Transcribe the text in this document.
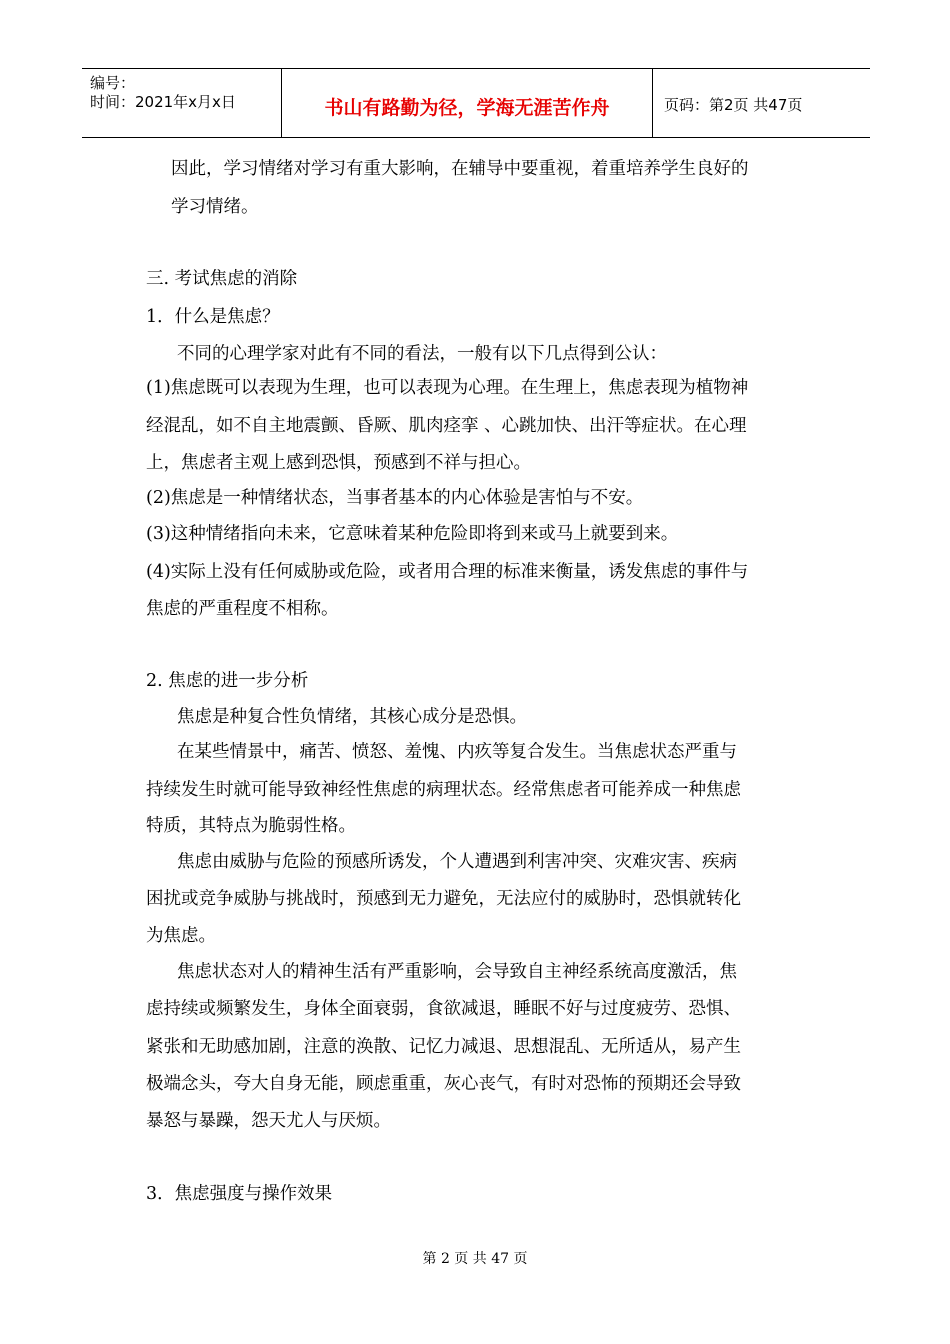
编号：
时间：2021年x月x日	书山有路勤为径，学海无涯苦作舟	页码：第2页 共47页
因此，学习情绪对学习有重大影响，在辅导中要重视，着重培养学生良好的
学习情绪。
三. 考试焦虑的消除
1．什么是焦虑？
不同的心理学家对此有不同的看法，一般有以下几点得到公认：
(1)焦虑既可以表现为生理，也可以表现为心理。在生理上，焦虑表现为植物神
经混乱，如不自主地震颤、昏厥、肌肉痉挛 、心跳加快、出汗等症状。在心理
上，焦虑者主观上感到恐惧，预感到不祥与担心。
(2)焦虑是一种情绪状态，当事者基本的内心体验是害怕与不安。
(3)这种情绪指向未来，它意味着某种危险即将到来或马上就要到来。
(4)实际上没有任何威胁或危险，或者用合理的标准来衡量，诱发焦虑的事件与
焦虑的严重程度不相称。
2. 焦虑的进一步分析
焦虑是种复合性负情绪，其核心成分是恐惧。
在某些情景中，痛苦、愤怒、羞愧、内疚等复合发生。当焦虑状态严重与
持续发生时就可能导致神经性焦虑的病理状态。经常焦虑者可能养成一种焦虑
特质，其特点为脆弱性格。
焦虑由威胁与危险的预感所诱发，个人遭遇到利害冲突、灾难灾害、疾病
困扰或竞争威胁与挑战时，预感到无力避免，无法应付的威胁时，恐惧就转化
为焦虑。
焦虑状态对人的精神生活有严重影响，会导致自主神经系统高度激活，焦
虑持续或频繁发生，身体全面衰弱，食欲减退，睡眠不好与过度疲劳、恐惧、
紧张和无助感加剧，注意的涣散、记忆力减退、思想混乱、无所适从，易产生
极端念头，夸大自身无能，顾虑重重，灰心丧气，有时对恐怖的预期还会导致
暴怒与暴躁，怨天尤人与厌烦。
3．焦虑强度与操作效果
第 2 页 共 47 页
